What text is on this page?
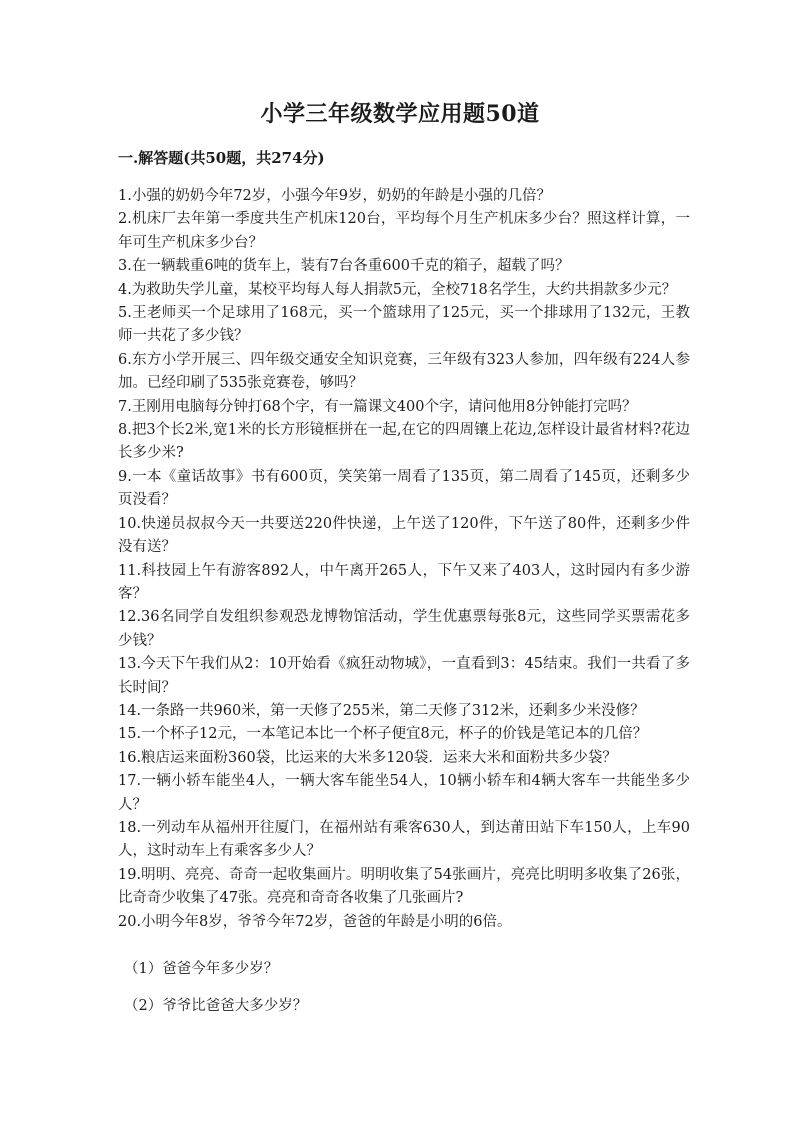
小学三年级数学应用题50道
一.解答题(共50题，共274分)
1.小强的奶奶今年72岁，小强今年9岁，奶奶的年龄是小强的几倍？
2.机床厂去年第一季度共生产机床120台，平均每个月生产机床多少台？照这样计算，一年可生产机床多少台？
3.在一辆载重6吨的货车上，装有7台各重600千克的箱子，超载了吗？
4.为救助失学儿童，某校平均每人每人捐款5元，全校718名学生，大约共捐款多少元？
5.王老师买一个足球用了168元，买一个篮球用了125元，买一个排球用了132元，王教师一共花了多少钱？
6.东方小学开展三、四年级交通安全知识竞赛，三年级有323人参加，四年级有224人参加。已经印刷了535张竞赛卷，够吗？
7.王刚用电脑每分钟打68个字，有一篇课文400个字，请问他用8分钟能打完吗？
8.把3个长2米,宽1米的长方形镜框拼在一起,在它的四周镶上花边,怎样设计最省材料?花边长多少米?
9.一本《童话故事》书有600页，笑笑第一周看了135页，第二周看了145页，还剩多少页没看？
10.快递员叔叔今天一共要送220件快递，上午送了120件，下午送了80件，还剩多少件没有送？
11.科技园上午有游客892人，中午离开265人，下午又来了403人，这时园内有多少游客？
12.36名同学自发组织参观恐龙博物馆活动，学生优惠票每张8元，这些同学买票需花多少钱？
13.今天下午我们从2：10开始看《疯狂动物城》，一直看到3：45结束。我们一共看了多长时间？
14.一条路一共960米，第一天修了255米，第二天修了312米，还剩多少米没修？
15.一个杯子12元，一本笔记本比一个杯子便宜8元，杯子的价钱是笔记本的几倍？
16.粮店运来面粉360袋，比运来的大米多120袋．运来大米和面粉共多少袋？
17.一辆小轿车能坐4人，一辆大客车能坐54人，10辆小轿车和4辆大客车一共能坐多少人？
18.一列动车从福州开往厦门，在福州站有乘客630人，到达莆田站下车150人，上车90人，这时动车上有乘客多少人？
19.明明、亮亮、奇奇一起收集画片。明明收集了54张画片，亮亮比明明多收集了26张，比奇奇少收集了47张。亮亮和奇奇各收集了几张画片?
20.小明今年8岁，爷爷今年72岁，爸爸的年龄是小明的6倍。
（1）爸爸今年多少岁？
（2）爷爷比爸爸大多少岁？
